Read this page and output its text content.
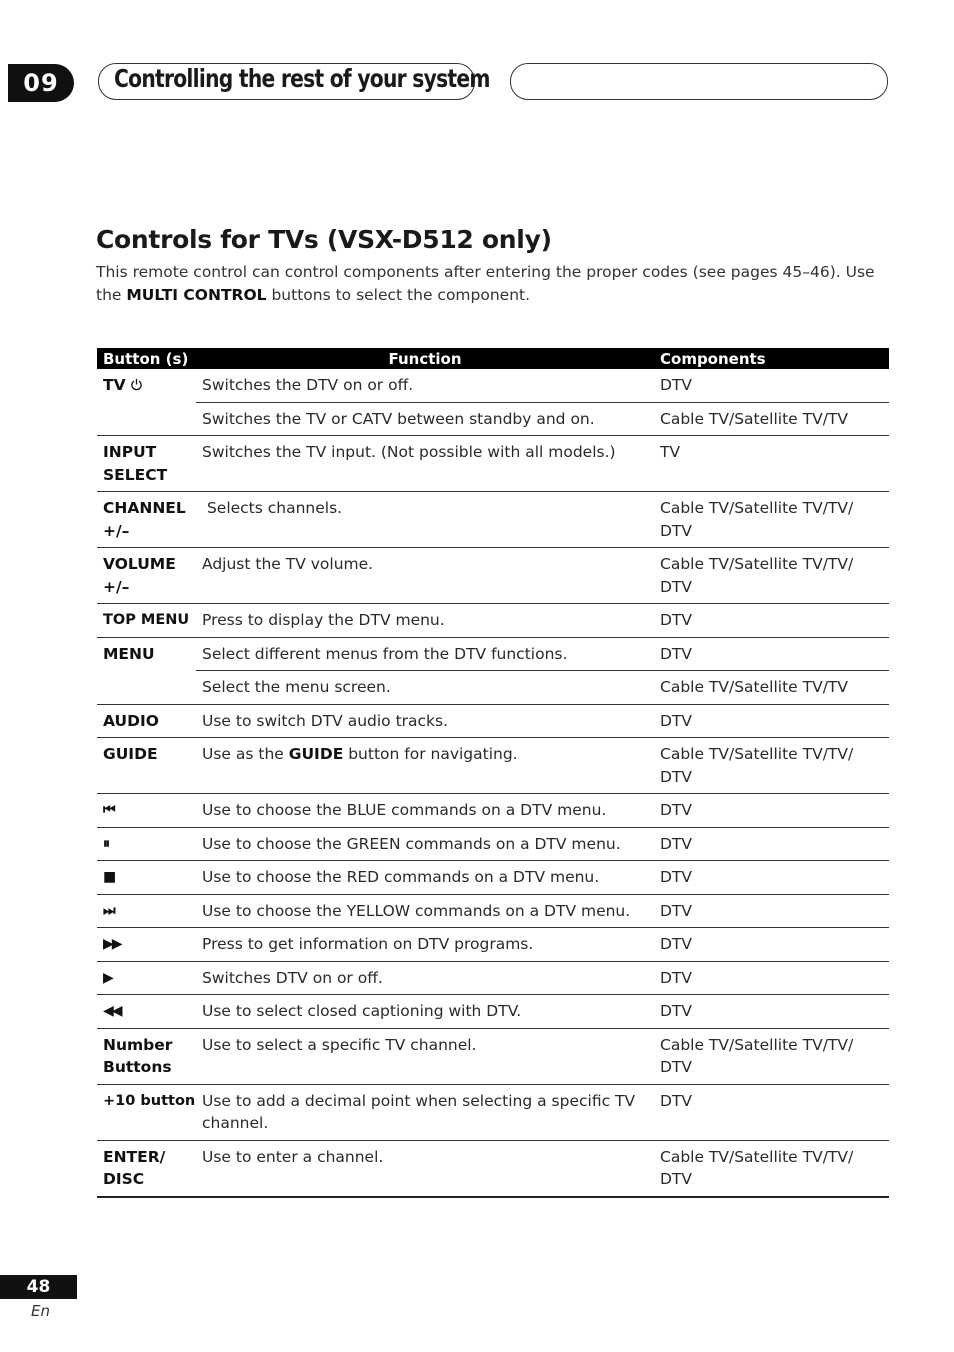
09	Controlling the rest of your system
Controls for TVs (VSX-D512 only)

This remote control can control components after entering the proper codes (see pages 45–46). Use the MULTI CONTROL buttons to select the component.

Button (s)	Function	Components
TV	Switches the DTV on or off.	DTV
	Switches the TV or CATV between standby and on.	Cable TV/Satellite TV/TV
INPUT SELECT	Switches the TV input. (Not possible with all models.)	TV
CHANNEL +/–	Selects channels.	Cable TV/Satellite TV/TV/ DTV
VOLUME +/–	Adjust the TV volume.	Cable TV/Satellite TV/TV/ DTV
TOP MENU	Press to display the DTV menu.	DTV
MENU	Select different menus from the DTV functions.	DTV
	Select the menu screen.	Cable TV/Satellite TV/TV
AUDIO	Use to switch DTV audio tracks.	DTV
GUIDE	Use as the GUIDE button for navigating.	Cable TV/Satellite TV/TV/ DTV
⏮	Use to choose the BLUE commands on a DTV menu.	DTV
⏸	Use to choose the GREEN commands on a DTV menu.	DTV
■	Use to choose the RED commands on a DTV menu.	DTV
⏭	Use to choose the YELLOW commands on a DTV menu.	DTV
▶▶	Press to get information on DTV programs.	DTV
▶	Switches DTV on or off.	DTV
◀◀	Use to select closed captioning with DTV.	DTV
Number Buttons	Use to select a specific TV channel.	Cable TV/Satellite TV/TV/ DTV
+10 button	Use to add a decimal point when selecting a specific TV channel.	DTV
ENTER/ DISC	Use to enter a channel.	Cable TV/Satellite TV/TV/ DTV
48
En
